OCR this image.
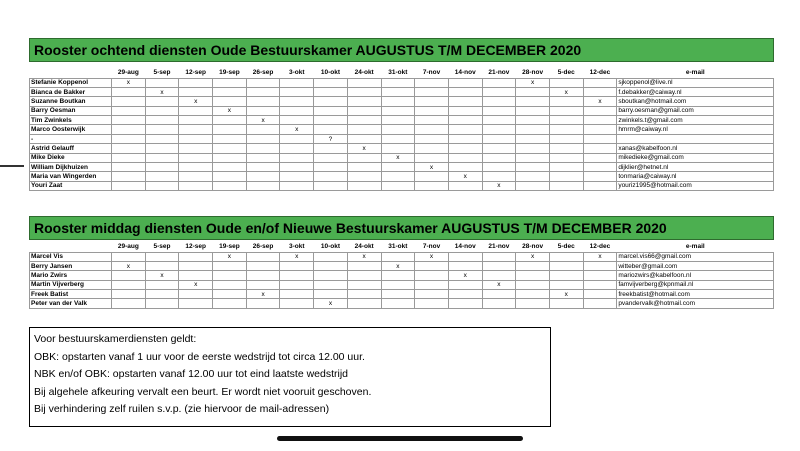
Rooster ochtend diensten Oude Bestuurskamer AUGUSTUS T/M DECEMBER 2020
	29-aug	5-sep	12-sep	19-sep	26-sep	3-okt	10-okt	24-okt	31-okt	7-nov	14-nov	21-nov	28-nov	5-dec	12-dec	e-mail
Stefanie Koppenol	x												x			sjkoppenol@live.nl
Bianca de Bakker		x												x		f.debakker@caiway.nl
Suzanne Boutkan			x												x	sboutkan@hotmail.com
Barry Oesman				x												barry.oesman@gmail.com
Tim Zwinkels					x											zwinkels.t@gmail.com
Marco Oosterwijk						x										hmrm@caiway.nl
-							?									
Astrid Gelauff								x								xanas@kabelfoon.nl
Mike Dieke									x							mikedieke@gmail.com
William Dijkhuizen										x						dijklier@hetnet.nl
Maria van Wingerden											x					tonmaria@caiway.nl
Youri Zaat												x				youriz1995@hotmail.com
Rooster middag diensten Oude en/of Nieuwe Bestuurskamer AUGUSTUS T/M DECEMBER 2020
	29-aug	5-sep	12-sep	19-sep	26-sep	3-okt	10-okt	24-okt	31-okt	7-nov	14-nov	21-nov	28-nov	5-dec	12-dec	e-mail
Marcel Vis				x		x		x		x			x		x	marcel.vis66@gmail.com
Berry Jansen	x								x							witteber@gmail.com
Mario Zwirs		x									x					mariozwirs@kabelfoon.nl
Martin Vijverberg			x									x				famvijverberg@kpnmail.nl
Freek Batist					x									x		freekbatist@hotmail.com
Peter van der Valk							x									pvandervalk@hotmail.com
Voor bestuurskamerdiensten geldt:
OBK: opstarten vanaf 1 uur voor de eerste wedstrijd tot circa 12.00 uur.
NBK en/of OBK: opstarten vanaf 12.00 uur tot eind laatste wedstrijd
Bij algehele afkeuring vervalt een beurt. Er wordt niet vooruit geschoven.
Bij verhindering zelf ruilen s.v.p. (zie hiervoor de mail-adressen)
